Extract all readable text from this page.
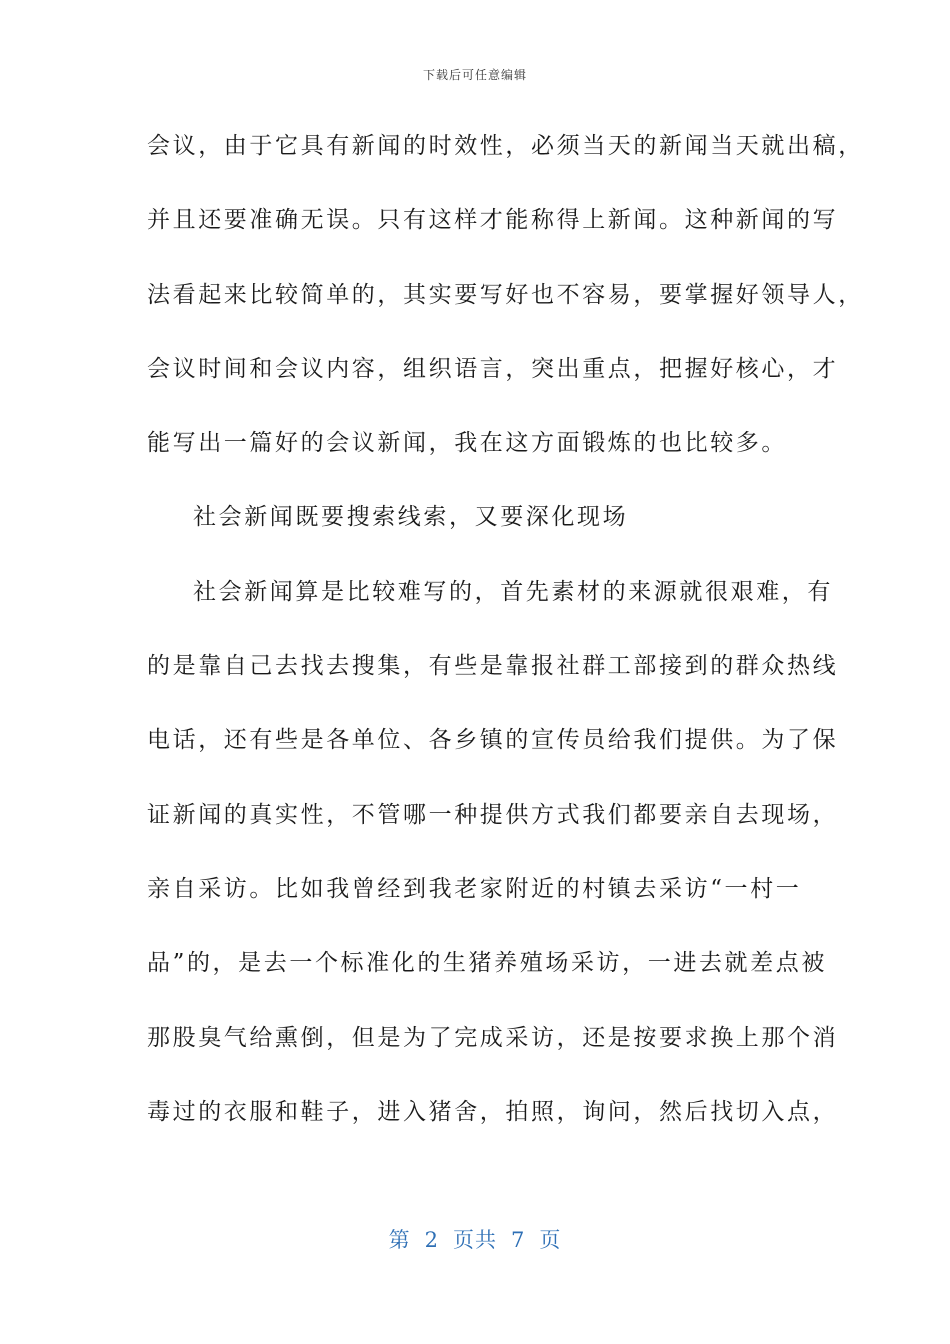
下载后可任意编辑
会议，由于它具有新闻的时效性，必须当天的新闻当天就出稿，
并且还要准确无误。只有这样才能称得上新闻。这种新闻的写
法看起来比较简单的，其实要写好也不容易，要掌握好领导人，
会议时间和会议内容，组织语言，突出重点，把握好核心，才
能写出一篇好的会议新闻，我在这方面锻炼的也比较多。
社会新闻既要搜索线索，又要深化现场
社会新闻算是比较难写的，首先素材的来源就很艰难，有
的是靠自己去找去搜集，有些是靠报社群工部接到的群众热线
电话，还有些是各单位、各乡镇的宣传员给我们提供。为了保
证新闻的真实性，不管哪一种提供方式我们都要亲自去现场，
亲自采访。比如我曾经到我老家附近的村镇去采访“一村一
品”的，是去一个标准化的生猪养殖场采访，一进去就差点被
那股臭气给熏倒，但是为了完成采访，还是按要求换上那个消
毒过的衣服和鞋子，进入猪舍，拍照，询问，然后找切入点，
第 2 页共 7 页
